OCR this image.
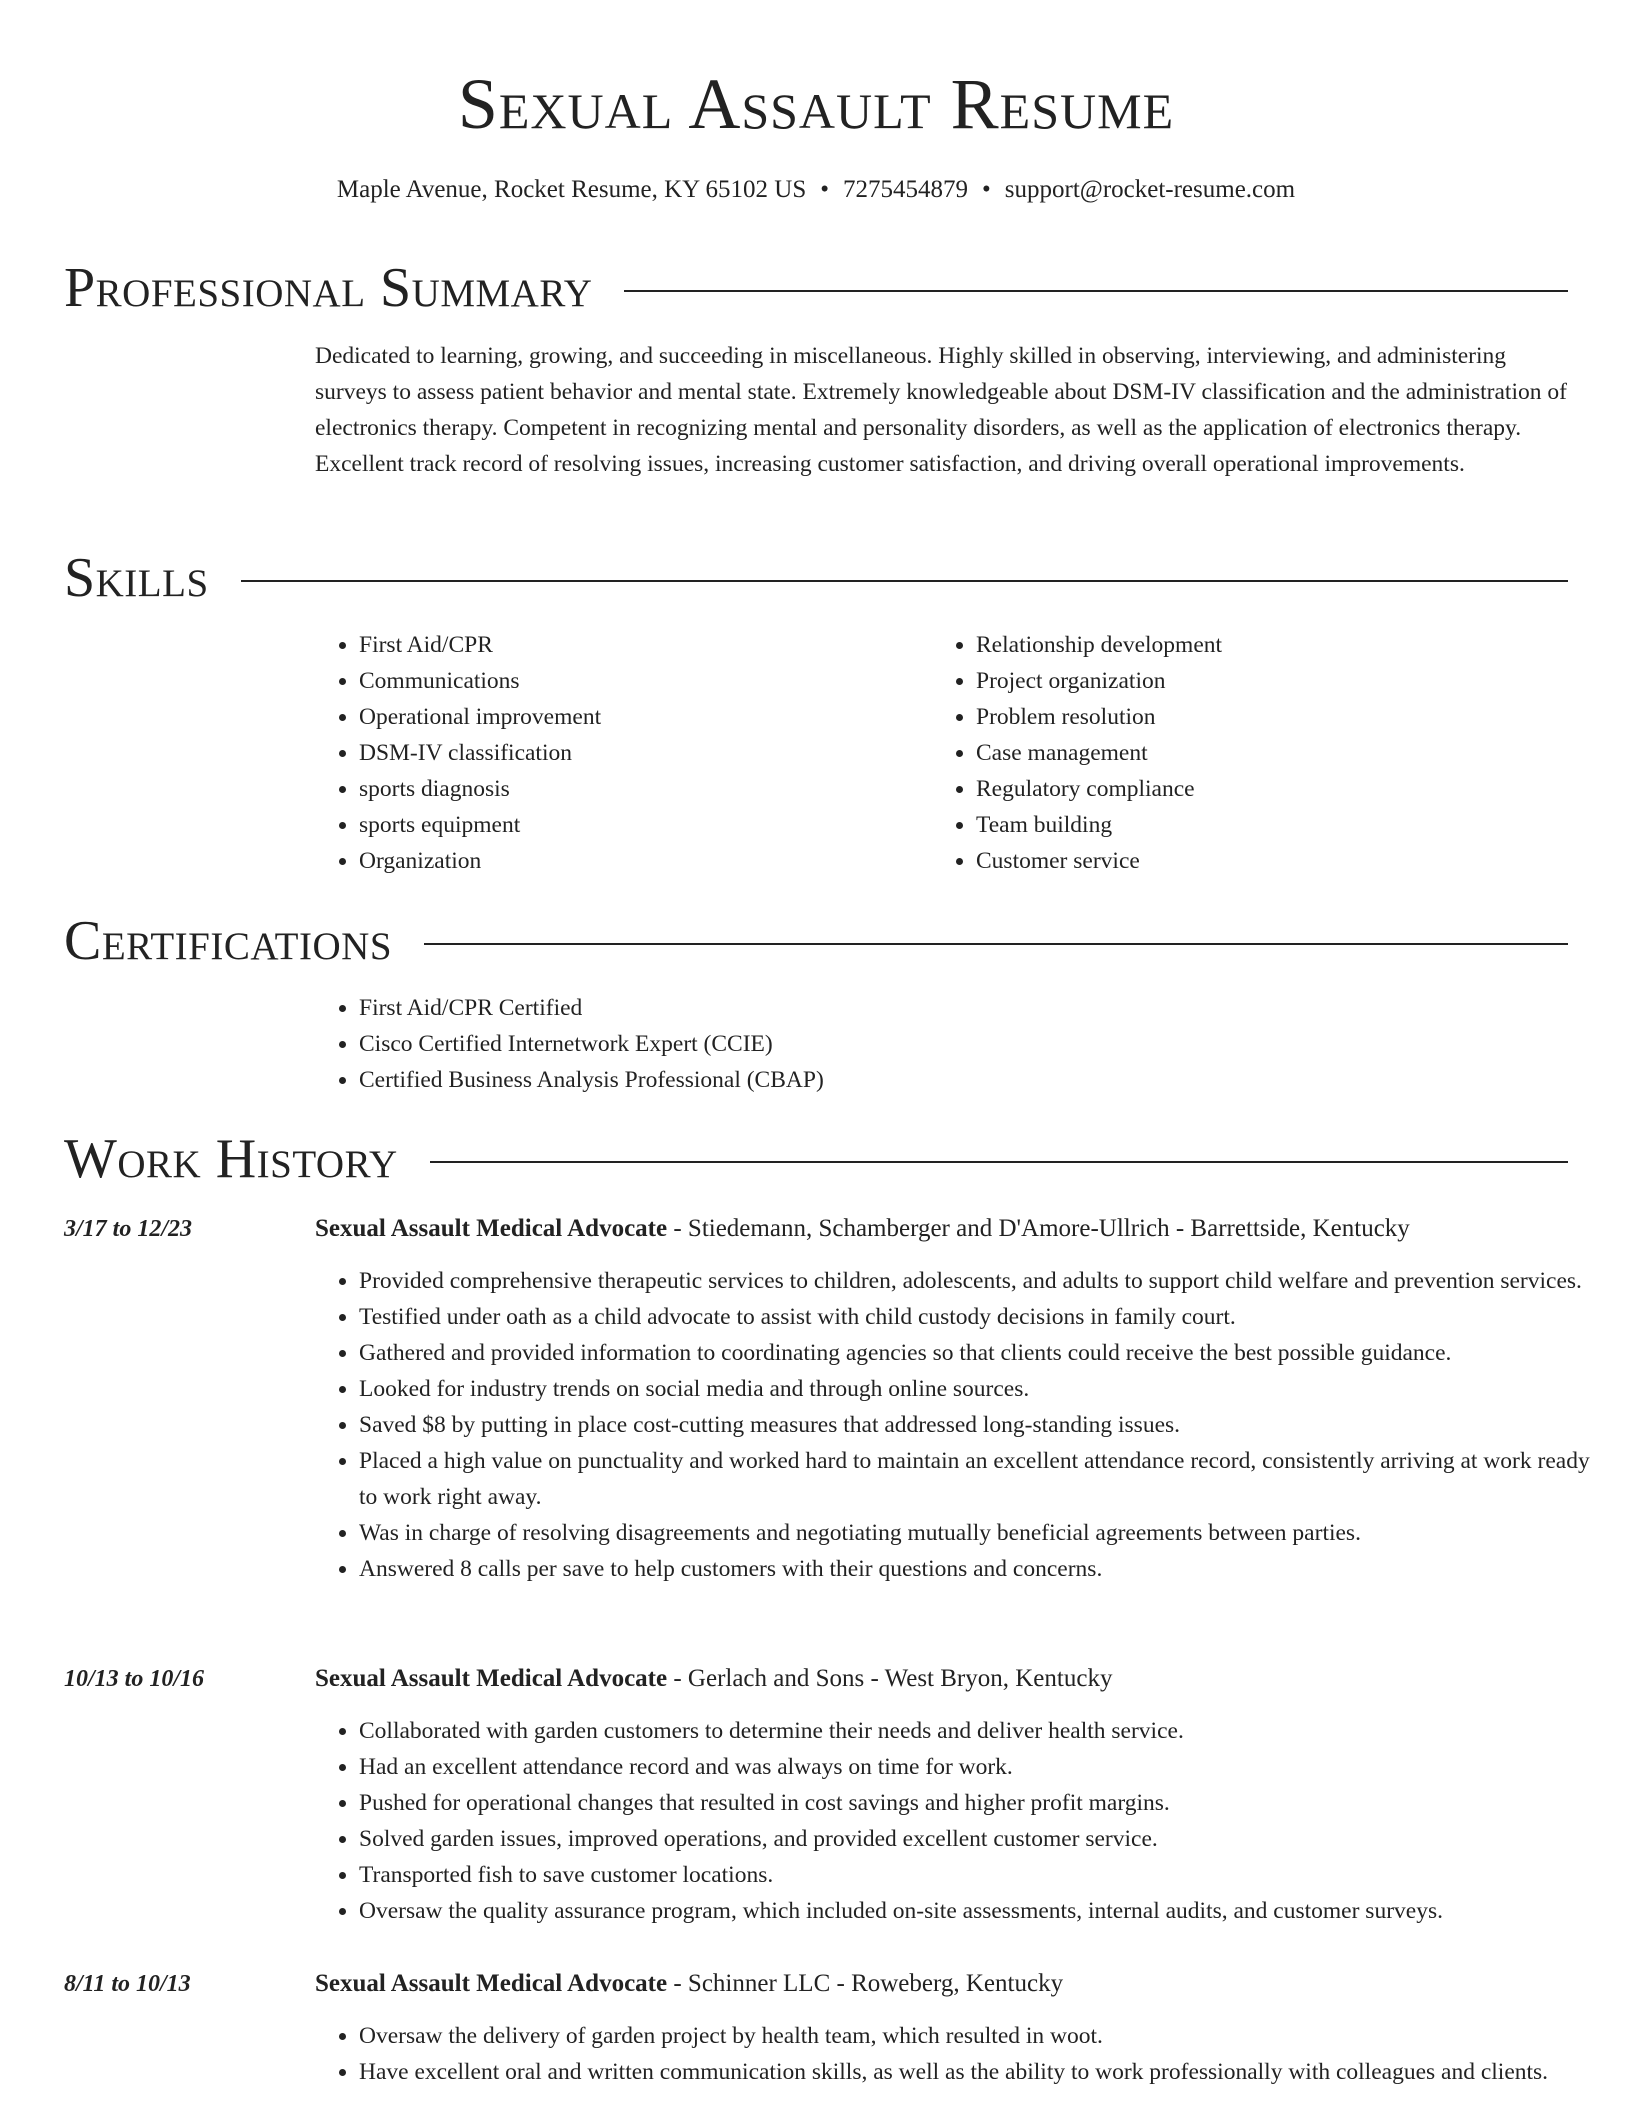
Sexual Assault Resume
Maple Avenue, Rocket Resume, KY 65102 US • 7275454879 • support@rocket-resume.com
Professional Summary

Dedicated to learning, growing, and succeeding in miscellaneous. Highly skilled in observing, interviewing, and administering surveys to assess patient behavior and mental state. Extremely knowledgeable about DSM-IV classification and the administration of electronics therapy. Competent in recognizing mental and personality disorders, as well as the application of electronics therapy. Excellent track record of resolving issues, increasing customer satisfaction, and driving overall operational improvements.

Skills
• First Aid/CPR
• Communications
• Operational improvement
• DSM-IV classification
• sports diagnosis
• sports equipment
• Organization
• Relationship development
• Project organization
• Problem resolution
• Case management
• Regulatory compliance
• Team building
• Customer service
Certifications
• First Aid/CPR Certified
• Cisco Certified Internetwork Expert (CCIE)
• Certified Business Analysis Professional (CBAP)
Work History
3/17 to 12/23	Sexual Assault Medical Advocate - Stiedemann, Schamberger and D'Amore-Ullrich - Barrettside, Kentucky
• Provided comprehensive therapeutic services to children, adolescents, and adults to support child welfare and prevention services.
• Testified under oath as a child advocate to assist with child custody decisions in family court.
• Gathered and provided information to coordinating agencies so that clients could receive the best possible guidance.
• Looked for industry trends on social media and through online sources.
• Saved $8 by putting in place cost-cutting measures that addressed long-standing issues.
• Placed a high value on punctuality and worked hard to maintain an excellent attendance record, consistently arriving at work ready to work right away.
• Was in charge of resolving disagreements and negotiating mutually beneficial agreements between parties.
• Answered 8 calls per save to help customers with their questions and concerns.
10/13 to 10/16	Sexual Assault Medical Advocate - Gerlach and Sons - West Bryon, Kentucky
• Collaborated with garden customers to determine their needs and deliver health service.
• Had an excellent attendance record and was always on time for work.
• Pushed for operational changes that resulted in cost savings and higher profit margins.
• Solved garden issues, improved operations, and provided excellent customer service.
• Transported fish to save customer locations.
• Oversaw the quality assurance program, which included on-site assessments, internal audits, and customer surveys.
8/11 to 10/13	Sexual Assault Medical Advocate - Schinner LLC - Roweberg, Kentucky
• Oversaw the delivery of garden project by health team, which resulted in woot.
• Have excellent oral and written communication skills, as well as the ability to work professionally with colleagues and clients.
